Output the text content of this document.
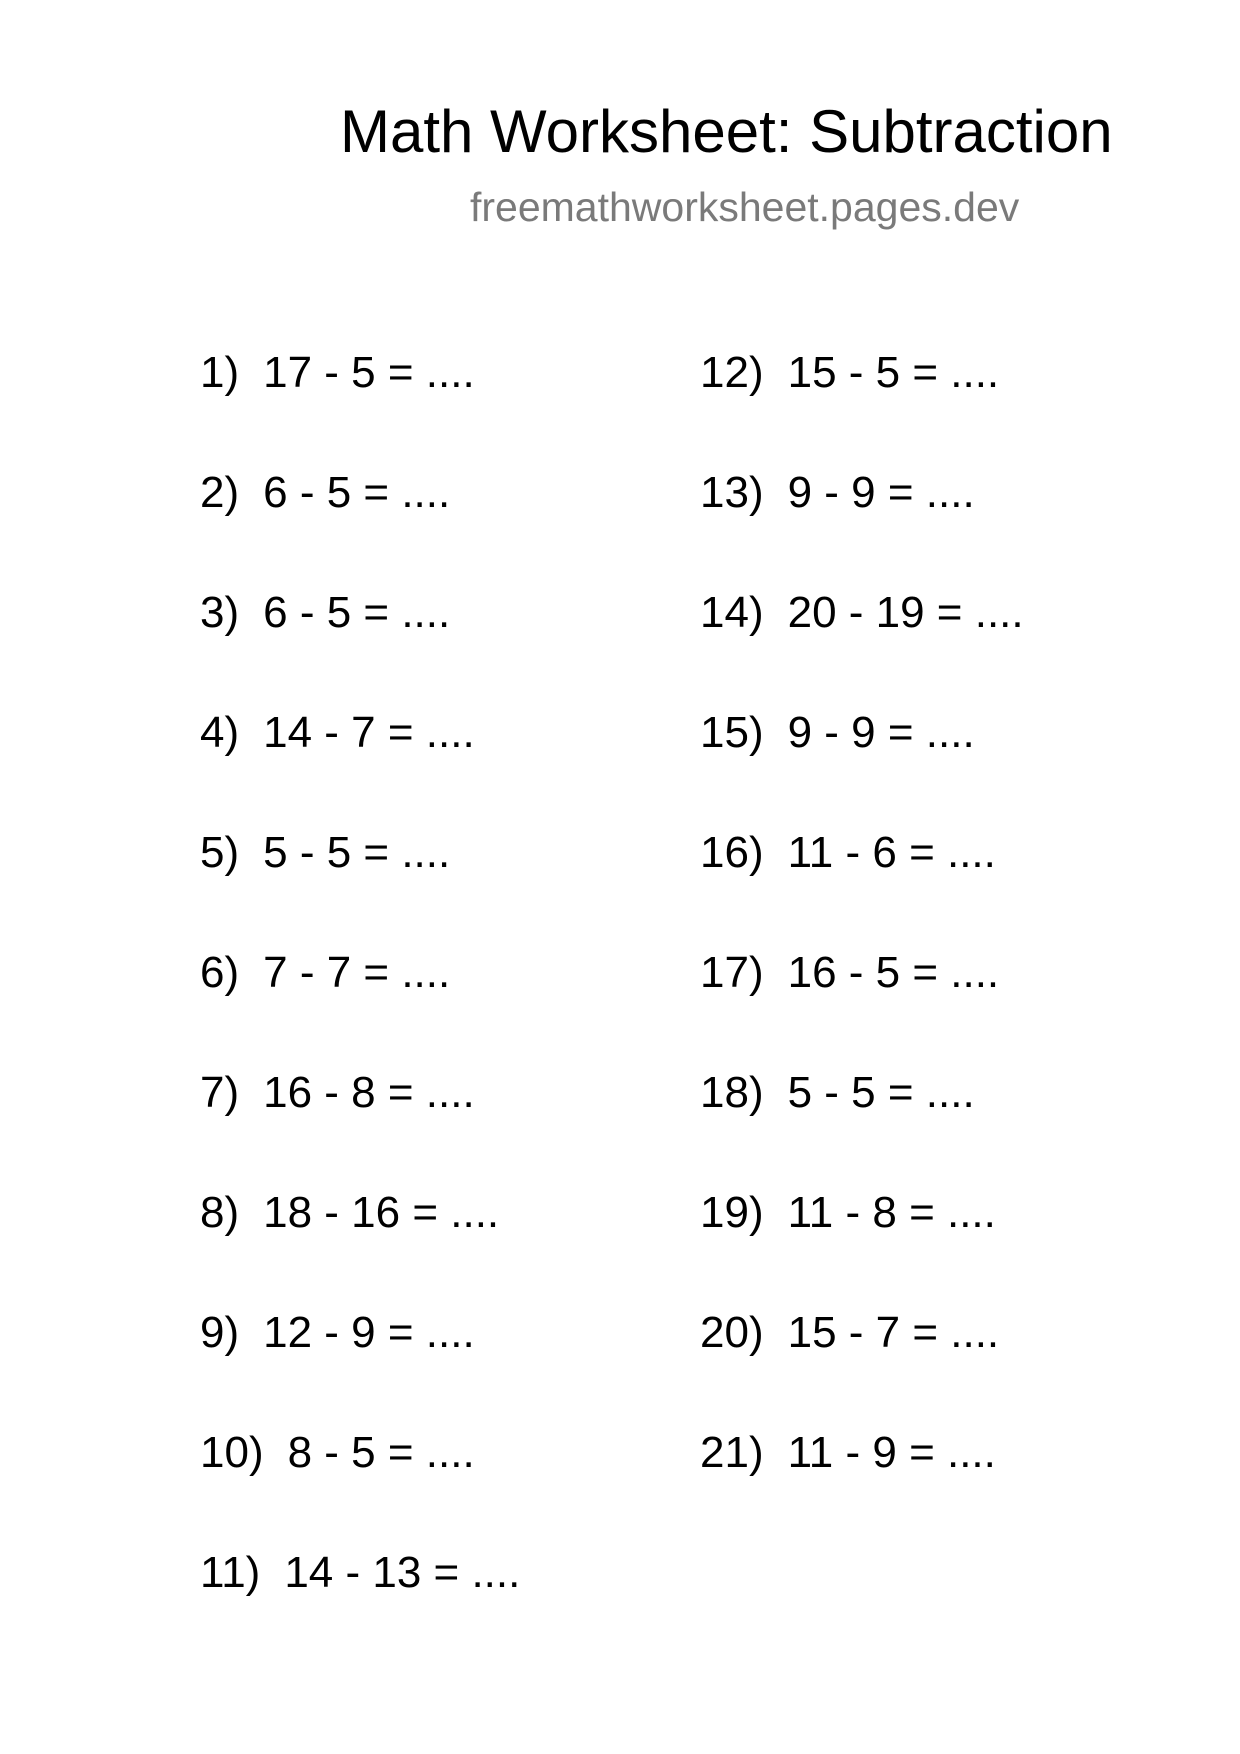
Math Worksheet: Subtraction
freemathworksheet.pages.dev
1) 17 - 5 = ....
2) 6 - 5 = ....
3) 6 - 5 = ....
4) 14 - 7 = ....
5) 5 - 5 = ....
6) 7 - 7 = ....
7) 16 - 8 = ....
8) 18 - 16 = ....
9) 12 - 9 = ....
10) 8 - 5 = ....
11) 14 - 13 = ....
12) 15 - 5 = ....
13) 9 - 9 = ....
14) 20 - 19 = ....
15) 9 - 9 = ....
16) 11 - 6 = ....
17) 16 - 5 = ....
18) 5 - 5 = ....
19) 11 - 8 = ....
20) 15 - 7 = ....
21) 11 - 9 = ....
